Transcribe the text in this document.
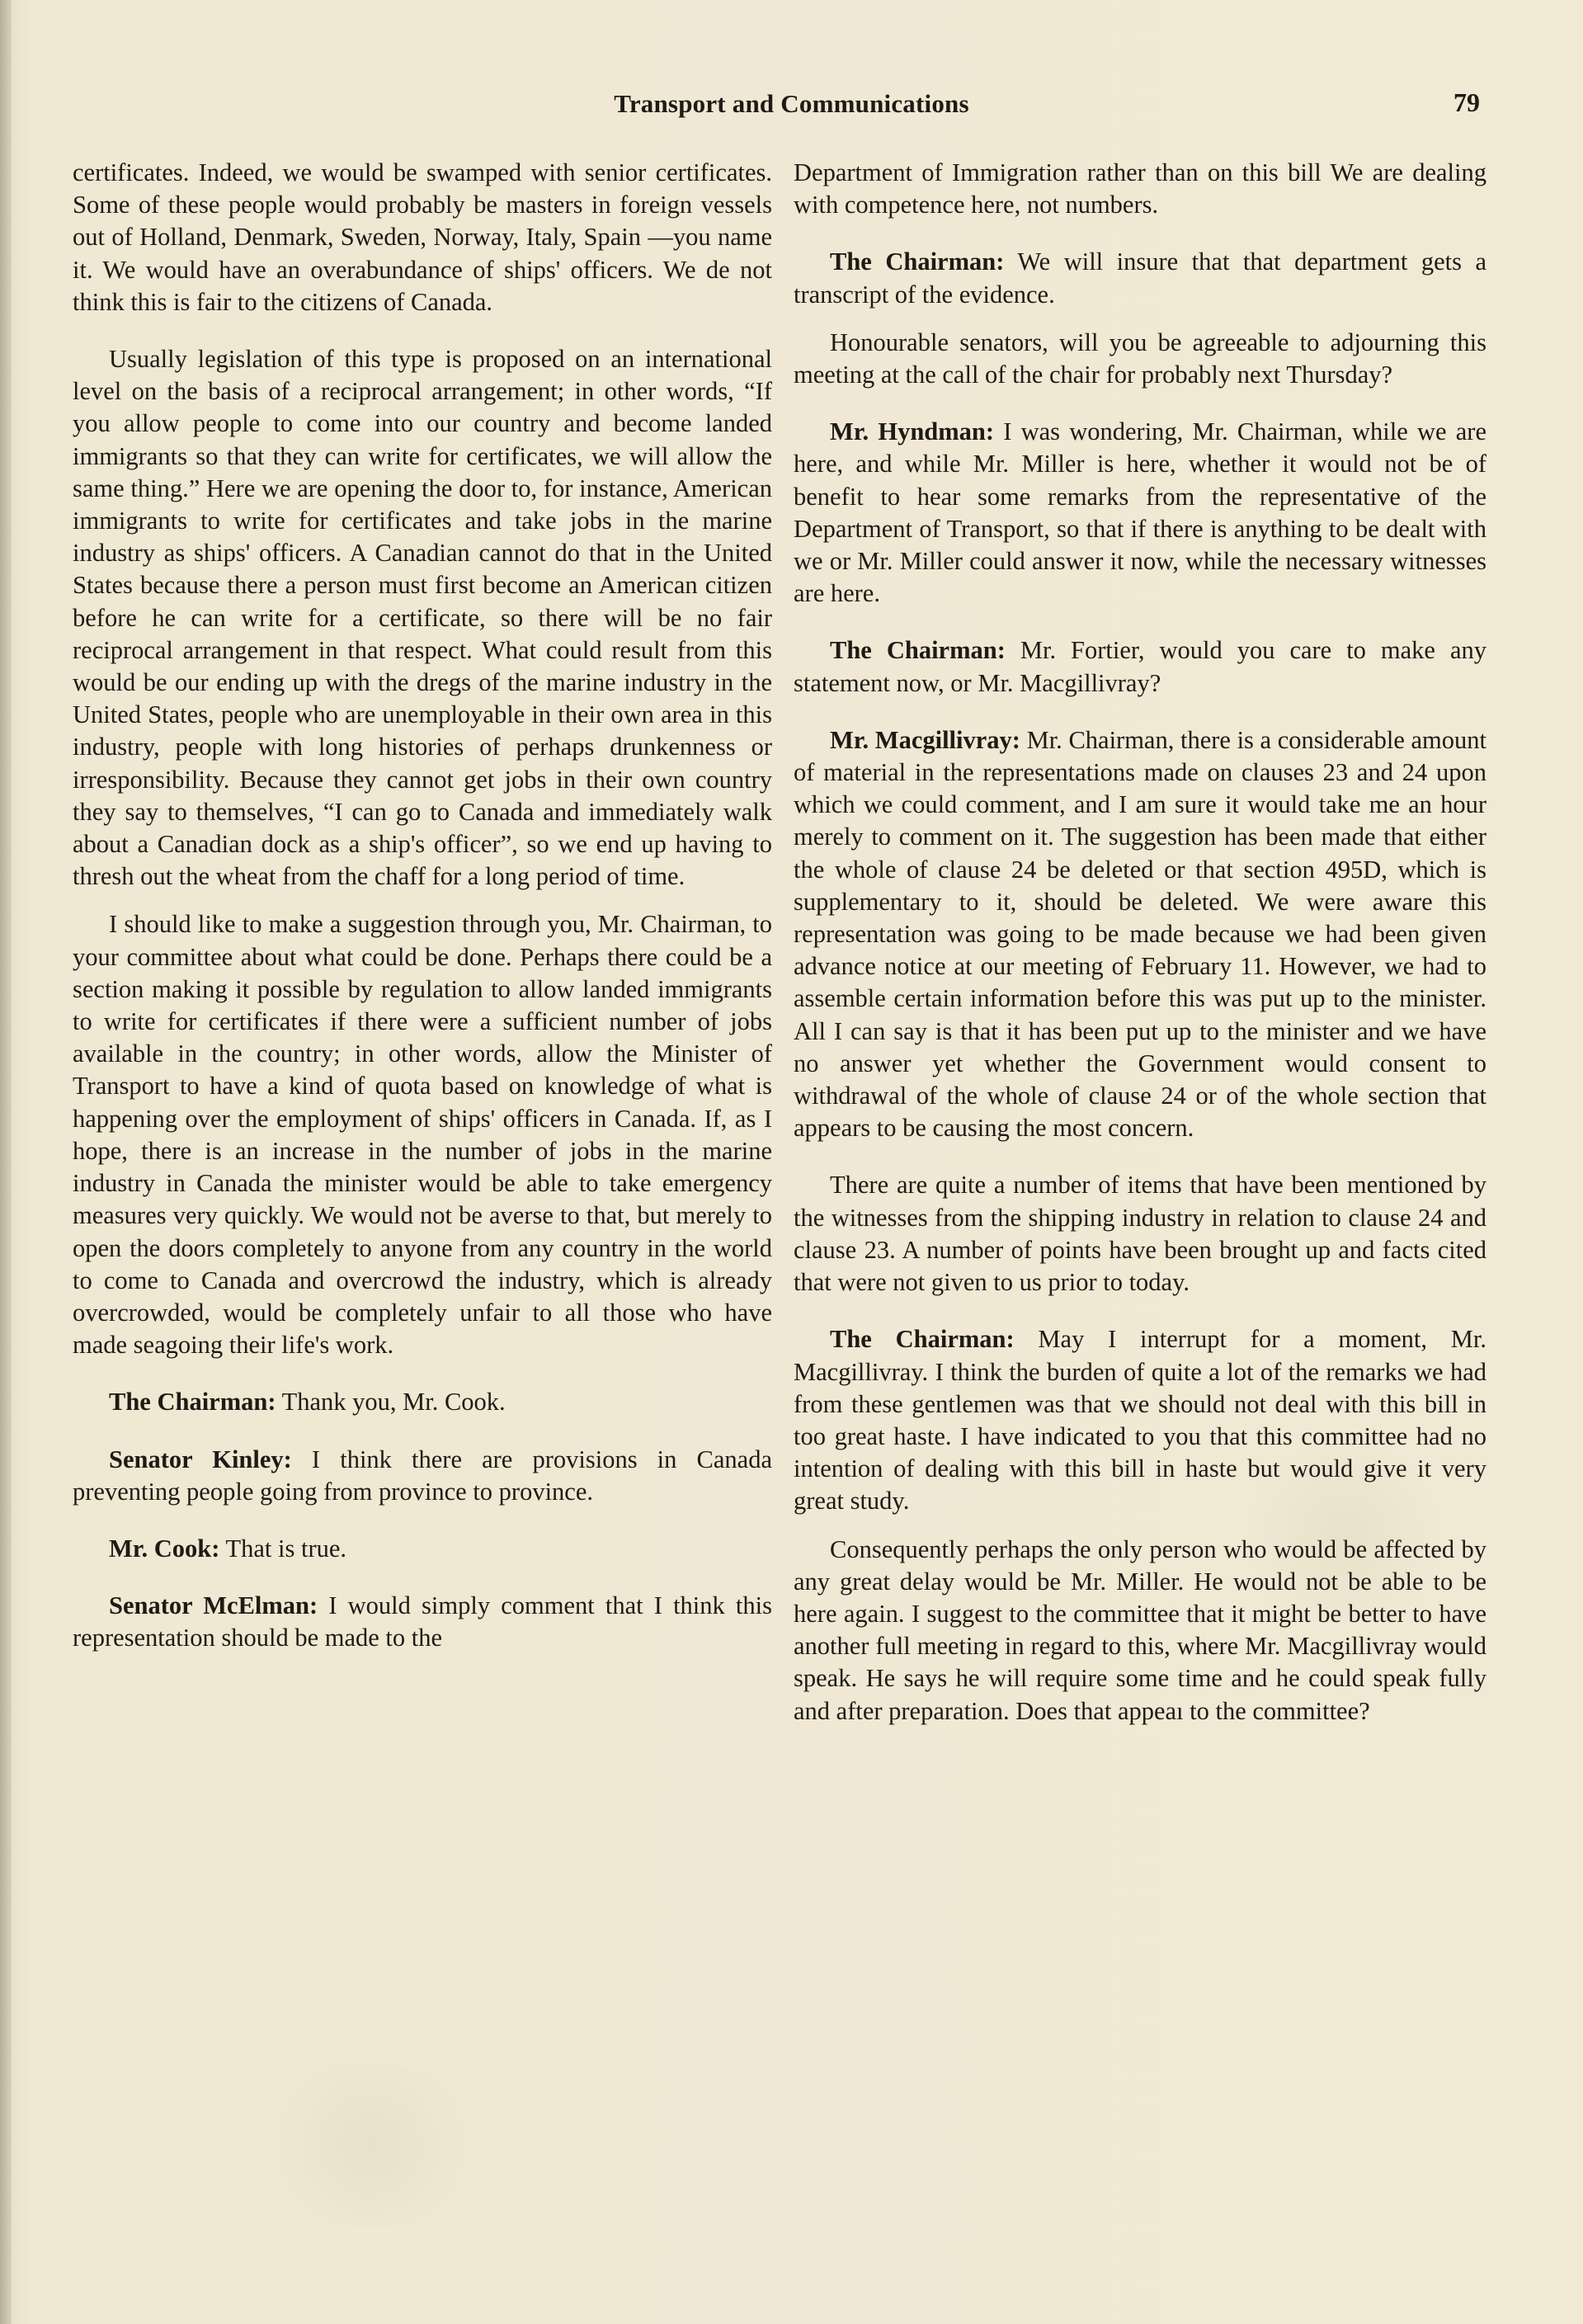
Transport and Communications	79

certificates. Indeed, we would be swamped with senior certificates. Some of these people would probably be masters in foreign vessels out of Holland, Denmark, Sweden, Norway, Italy, Spain —you name it. We would have an overabundance of ships' officers. We de not think this is fair to the citizens of Canada.

Usually legislation of this type is proposed on an international level on the basis of a reciprocal arrangement; in other words, “If you allow people to come into our country and become landed immigrants so that they can write for certificates, we will allow the same thing.” Here we are opening the door to, for instance, American immigrants to write for certificates and take jobs in the marine industry as ships' officers. A Canadian cannot do that in the United States because there a person must first become an American citizen before he can write for a certificate, so there will be no fair reciprocal arrangement in that respect. What could result from this would be our ending up with the dregs of the marine industry in the United States, people who are unemployable in their own area in this industry, people with long histories of perhaps drunkenness or irresponsibility. Because they cannot get jobs in their own country they say to themselves, “I can go to Canada and immediately walk about a Canadian dock as a ship's officer”, so we end up having to thresh out the wheat from the chaff for a long period of time.

I should like to make a suggestion through you, Mr. Chairman, to your committee about what could be done. Perhaps there could be a section making it possible by regulation to allow landed immigrants to write for certificates if there were a sufficient number of jobs available in the country; in other words, allow the Minister of Transport to have a kind of quota based on knowledge of what is happening over the employment of ships' officers in Canada. If, as I hope, there is an increase in the number of jobs in the marine industry in Canada the minister would be able to take emergency measures very quickly. We would not be averse to that, but merely to open the doors completely to anyone from any country in the world to come to Canada and overcrowd the industry, which is already overcrowded, would be completely unfair to all those who have made seagoing their life's work.

The Chairman: Thank you, Mr. Cook.

Senator Kinley: I think there are provisions in Canada preventing people going from province to province.

Mr. Cook: That is true.

Senator McElman: I would simply comment that I think this representation should be made to the

Department of Immigration rather than on this bill We are dealing with competence here, not numbers.

The Chairman: We will insure that that department gets a transcript of the evidence.

Honourable senators, will you be agreeable to adjourning this meeting at the call of the chair for probably next Thursday?

Mr. Hyndman: I was wondering, Mr. Chairman, while we are here, and while Mr. Miller is here, whether it would not be of benefit to hear some remarks from the representative of the Department of Transport, so that if there is anything to be dealt with we or Mr. Miller could answer it now, while the necessary witnesses are here.

The Chairman: Mr. Fortier, would you care to make any statement now, or Mr. Macgillivray?

Mr. Macgillivray: Mr. Chairman, there is a considerable amount of material in the representations made on clauses 23 and 24 upon which we could comment, and I am sure it would take me an hour merely to comment on it. The suggestion has been made that either the whole of clause 24 be deleted or that section 495D, which is supplementary to it, should be deleted. We were aware this representation was going to be made because we had been given advance notice at our meeting of February 11. However, we had to assemble certain information before this was put up to the minister. All I can say is that it has been put up to the minister and we have no answer yet whether the Government would consent to withdrawal of the whole of clause 24 or of the whole section that appears to be causing the most concern.

There are quite a number of items that have been mentioned by the witnesses from the shipping industry in relation to clause 24 and clause 23. A number of points have been brought up and facts cited that were not given to us prior to today.

The Chairman: May I interrupt for a moment, Mr. Macgillivray. I think the burden of quite a lot of the remarks we had from these gentlemen was that we should not deal with this bill in too great haste. I have indicated to you that this committee had no intention of dealing with this bill in haste but would give it very great study.

Consequently perhaps the only person who would be affected by any great delay would be Mr. Miller. He would not be able to be here again. I suggest to the committee that it might be better to have another full meeting in regard to this, where Mr. Macgillivray would speak. He says he will require some time and he could speak fully and after preparation. Does that appeaı to the committee?
